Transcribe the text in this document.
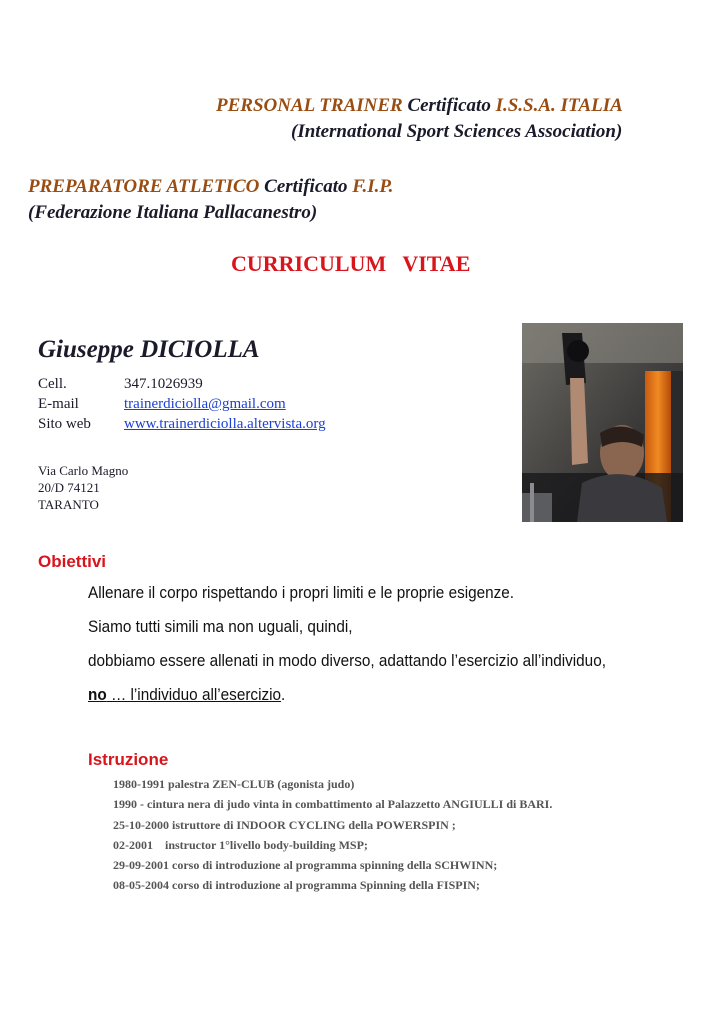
PERSONAL TRAINER Certificato I.S.S.A. ITALIA
(International Sport Sciences Association)
PREPARATORE ATLETICO Certificato F.I.P.
(Federazione Italiana Pallacanestro)
CURRICULUM   VITAE
Giuseppe DICIOLLA
Cell.	347.1026939
E-mail	trainerdiciolla@gmail.com
Sito web www.trainerdiciolla.altervista.org
Via Carlo Magno
20/D 74121
TARANTO
Obiettivi
Allenare il corpo rispettando i propri limiti e le proprie esigenze.
Siamo tutti simili ma non uguali, quindi,
dobbiamo essere allenati in modo diverso, adattando l’esercizio all’individuo,
no … l’individuo all’esercizio.
Istruzione
1980-1991 palestra ZEN-CLUB (agonista judo)
1990 - cintura nera di judo vinta in combattimento al Palazzetto ANGIULLI di BARI.
25-10-2000 istruttore di INDOOR CYCLING della POWERSPIN ;
02-2001    instructor 1°livello body-building MSP;
29-09-2001 corso di introduzione al programma spinning della SCHWINN;
08-05-2004 corso di introduzione al programma Spinning della FISPIN;
